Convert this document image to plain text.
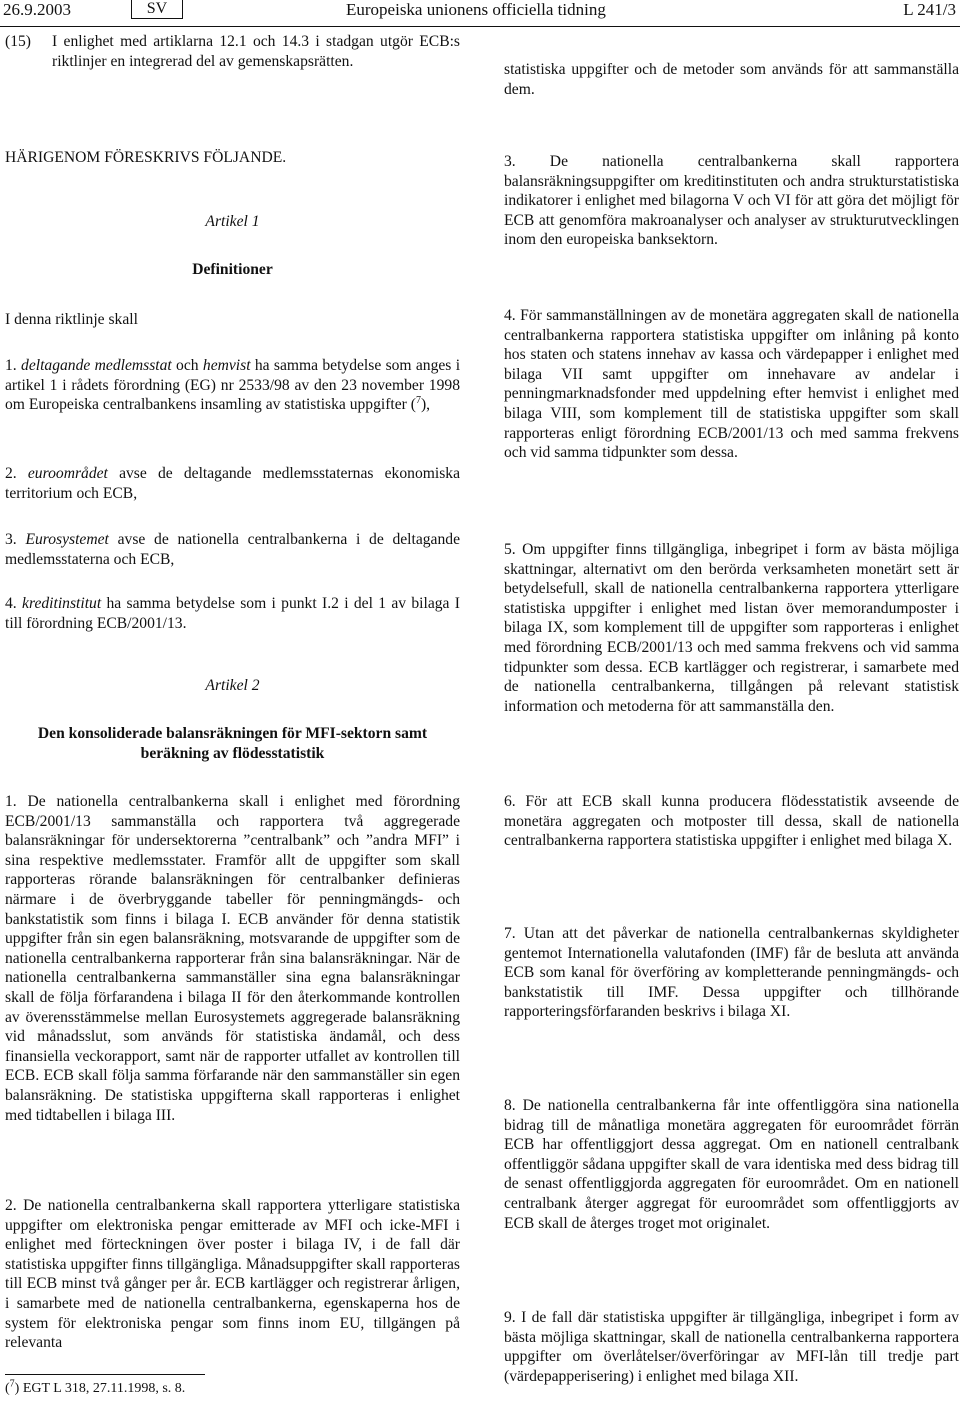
26.9.2003	SV	Europeiska unionens officiella tidning	L 241/3
(15)	I enlighet med artiklarna 12.1 och 14.3 i stadgan utgör ECB:s riktlinjer en integrerad del av gemenskapsrätten.
HÄRIGENOM FÖRESKRIVS FÖLJANDE.
Artikel 1
Definitioner
I denna riktlinje skall

1. deltagande medlemsstat och hemvist ha samma betydelse som anges i artikel 1 i rådets förordning (EG) nr 2533/98 av den 23 november 1998 om Europeiska centralbankens insamling av statistiska uppgifter ($^7$),

2. euroområdet avse de deltagande medlemsstaternas ekonomiska territorium och ECB,

3. Eurosystemet avse de nationella centralbankerna i de deltagande medlemsstaterna och ECB,

4. kreditinstitut ha samma betydelse som i punkt I.2 i del 1 av bilaga I till förordning ECB/2001/13.

Artikel 2
Den konsoliderade balansräkningen för MFI-sektorn samt beräkning av flödesstatistik

1. De nationella centralbankerna skall i enlighet med förordning ECB/2001/13 sammanställa och rapportera två aggregerade balansräkningar för undersektorerna ”centralbank” och ”andra MFI” i sina respektive medlemsstater. Framför allt de uppgifter som skall rapporteras rörande balansräkningen för centralbanker definieras närmare i de överbryggande tabeller för penningmängds- och bankstatistik som finns i bilaga I. ECB använder för denna statistik uppgifter från sin egen balansräkning, motsvarande de uppgifter som de nationella centralbankerna rapporterar från sina balansräkningar. När de nationella centralbankerna sammanställer sina egna balansräkningar skall de följa förfarandena i bilaga II för den återkommande kontrollen av överensstämmelse mellan Eurosystemets aggregerade balansräkning vid månadsslut, som används för statistiska ändamål, och dess finansiella veckorapport, samt när de rapporter utfallet av kontrollen till ECB. ECB skall följa samma förfarande när den sammanställer sin egen balansräkning. De statistiska uppgifterna skall rapporteras i enlighet med tidtabellen i bilaga III.

2. De nationella centralbankerna skall rapportera ytterligare statistiska uppgifter om elektroniska pengar emitterade av MFI och icke-MFI i enlighet med förteckningen över poster i bilaga IV, i de fall där statistiska uppgifter finns tillgängliga. Månadsuppgifter skall rapporteras till ECB minst två gånger per år. ECB kartlägger och registrerar årligen, i samarbete med de nationella centralbankerna, egenskaperna hos de system för elektroniska pengar som finns inom EU, tillgängen på relevanta

statistiska uppgifter och de metoder som används för att sammanställa dem.

3. De nationella centralbankerna skall rapportera balansräkningsuppgifter om kreditinstituten och andra strukturstatistiska indikatorer i enlighet med bilagorna V och VI för att göra det möjligt för ECB att genomföra makroanalyser och analyser av strukturutvecklingen inom den europeiska banksektorn.

4. För sammanställningen av de monetära aggregaten skall de nationella centralbankerna rapportera statistiska uppgifter om inlåning på konto hos staten och statens innehav av kassa och värdepapper i enlighet med bilaga VII samt uppgifter om innehavare av andelar i penningmarknadsfonder med uppdelning efter hemvist i enlighet med bilaga VIII, som komplement till de statistiska uppgifter som skall rapporteras enligt förordning ECB/2001/13 och med samma frekvens och vid samma tidpunkter som dessa.

5. Om uppgifter finns tillgängliga, inbegripet i form av bästa möjliga skattningar, alternativt om den berörda verksamheten monetärt sett är betydelsefull, skall de nationella centralbankerna rapportera ytterligare statistiska uppgifter i enlighet med listan över memorandumposter i bilaga IX, som komplement till de uppgifter som rapporteras i enlighet med förordning ECB/2001/13 och med samma frekvens och vid samma tidpunkter som dessa. ECB kartlägger och registrerar, i samarbete med de nationella centralbankerna, tillgången på relevant statistisk information och metoderna för att sammanställa den.

6. För att ECB skall kunna producera flödesstatistik avseende de monetära aggregaten och motposter till dessa, skall de nationella centralbankerna rapportera statistiska uppgifter i enlighet med bilaga X.

7. Utan att det påverkar de nationella centralbankernas skyldigheter gentemot Internationella valutafonden (IMF) får de besluta att använda ECB som kanal för överföring av kompletterande penningmängds- och bankstatistik till IMF. Dessa uppgifter och tillhörande rapporteringsförfaranden beskrivs i bilaga XI.

8. De nationella centralbankerna får inte offentliggöra sina nationella bidrag till de månatliga monetära aggregaten för euroområdet förrän ECB har offentliggjort dessa aggregat. Om en nationell centralbank offentliggör sådana uppgifter skall de vara identiska med dess bidrag till de senast offentliggjorda aggregaten för euroområdet. Om en nationell centralbank återger aggregat för euroområdet som offentliggjorts av ECB skall de återges troget mot originalet.

9. I de fall där statistiska uppgifter är tillgängliga, inbegripet i form av bästa möjliga skattningar, skall de nationella centralbankerna rapportera uppgifter om överlåtelser/överföringar av MFI-lån till tredje part (värdepapperisering) i enlighet med bilaga XII.

($^7$) EGT L 318, 27.11.1998, s. 8.
